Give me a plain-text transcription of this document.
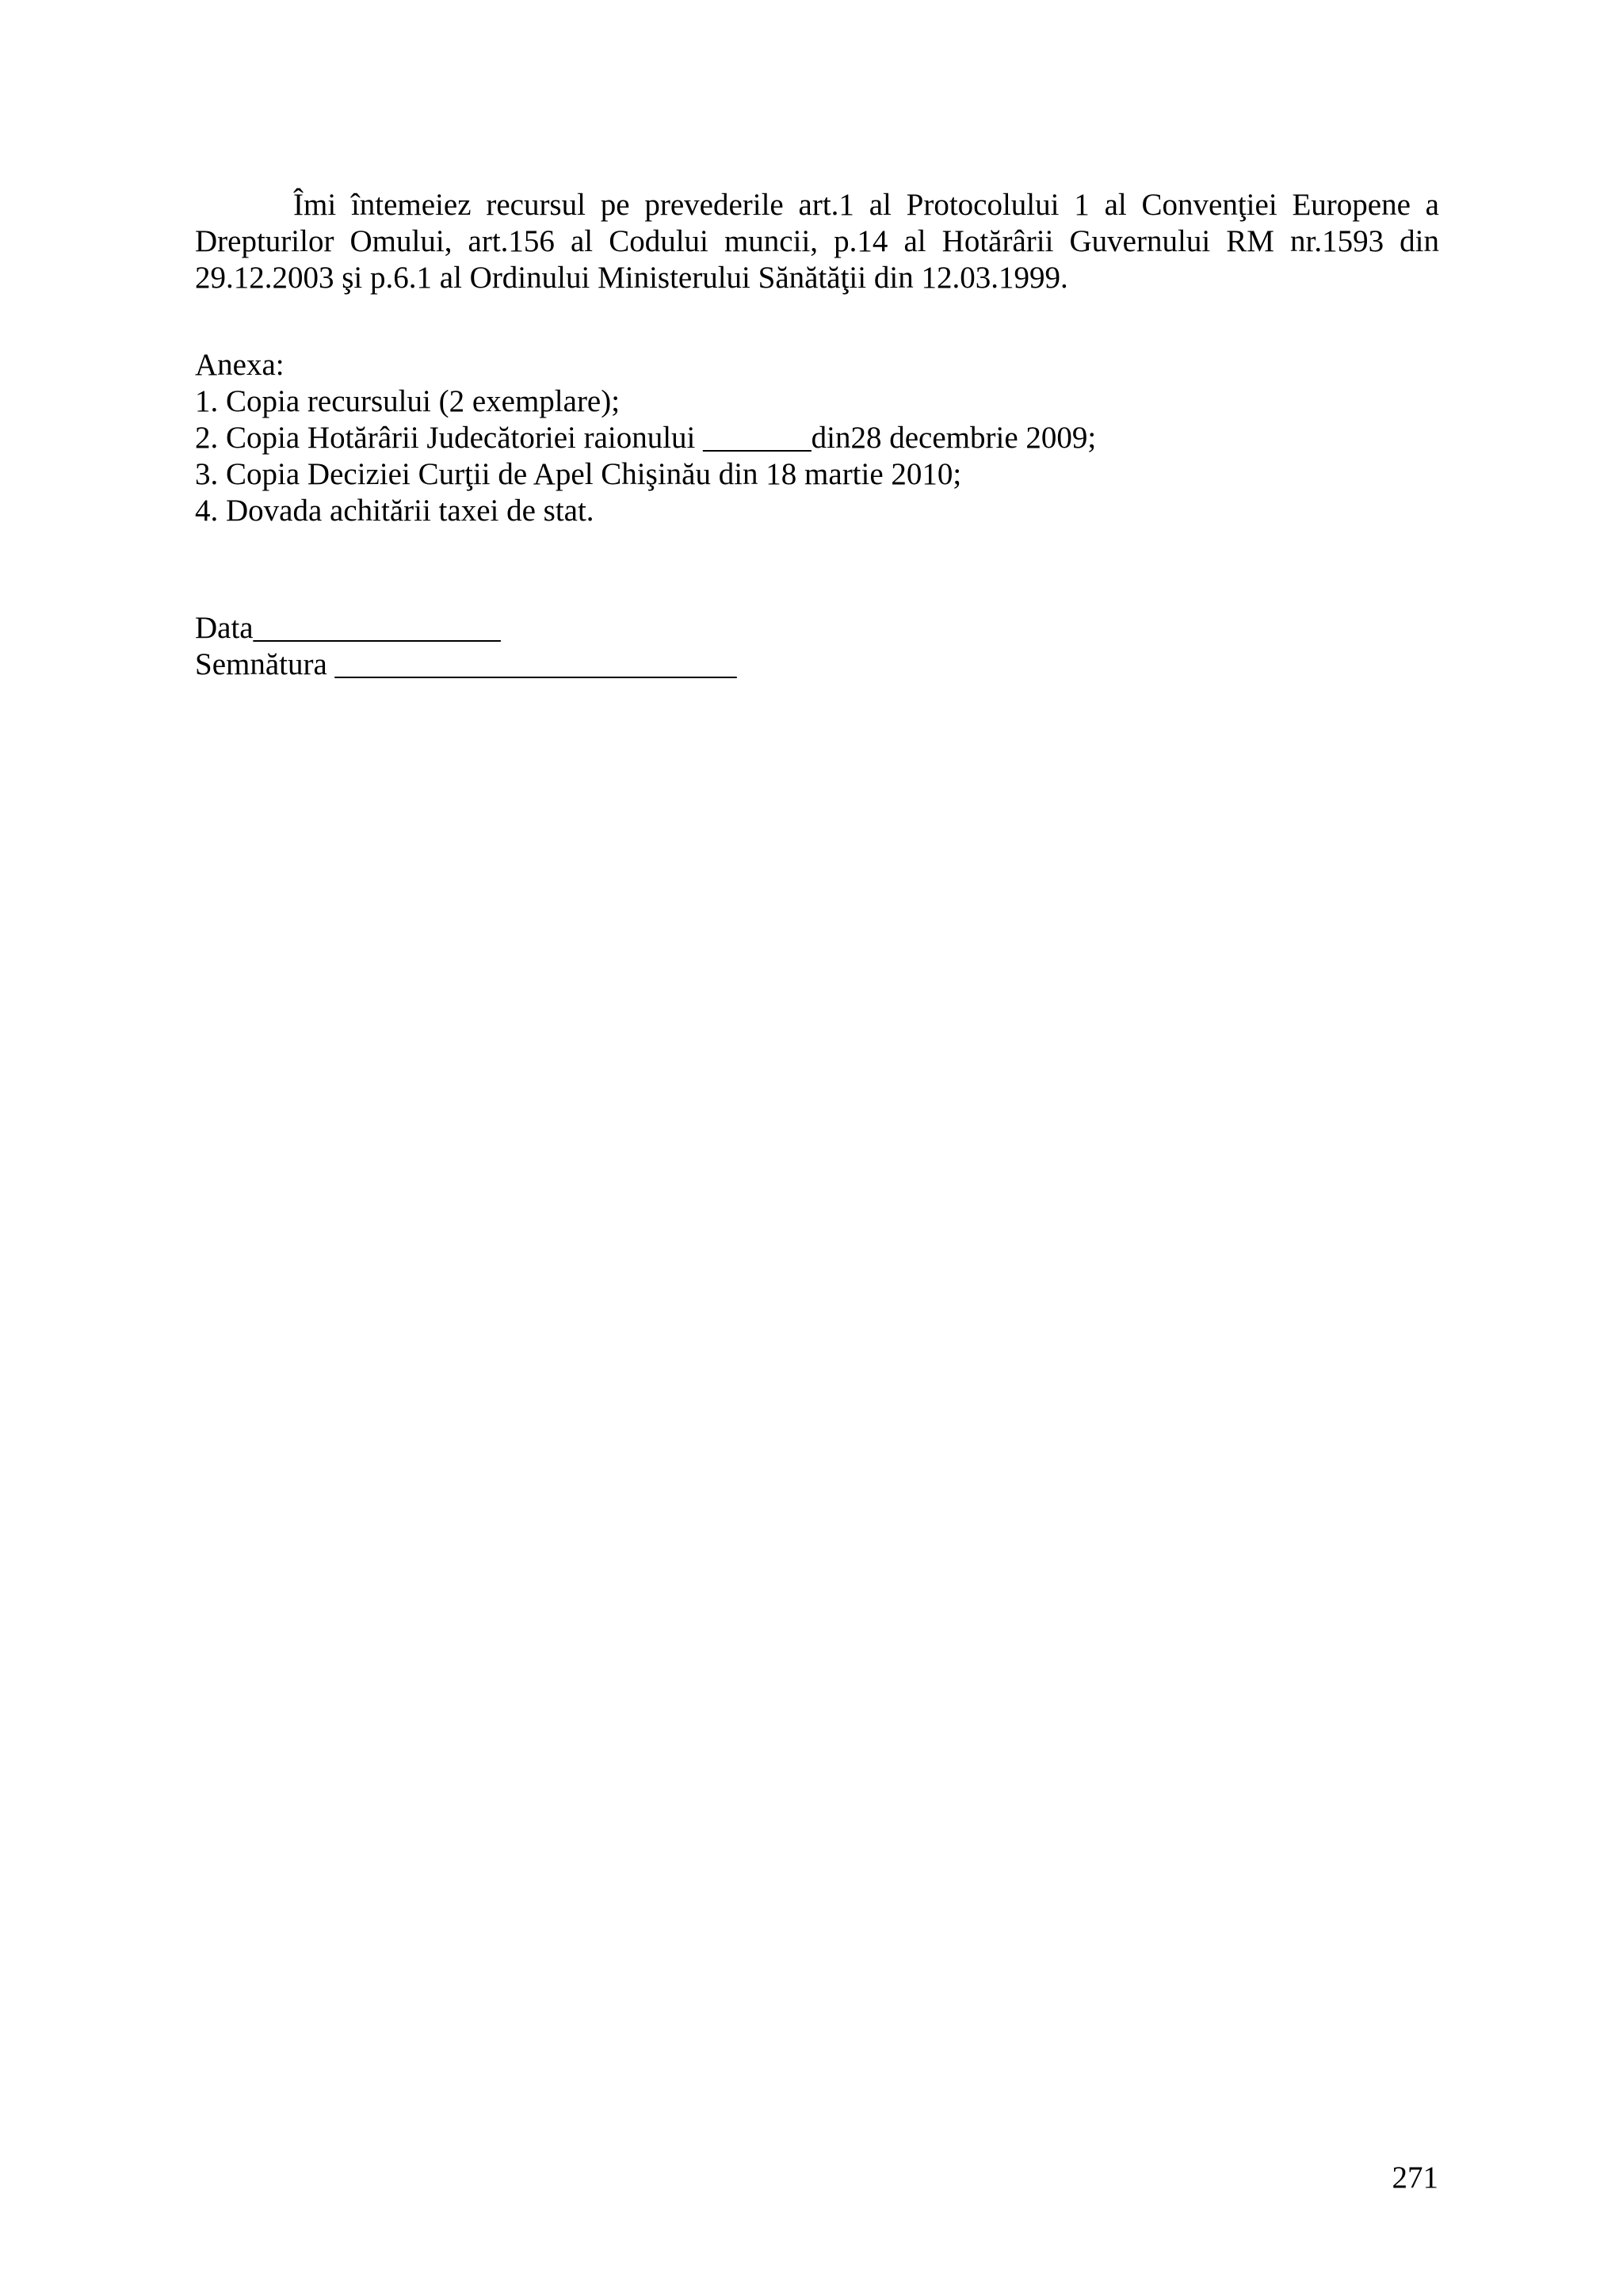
Îmi întemeiez recursul pe prevederile art.1 al Protocolului 1 al Convenţiei Europene a Drepturilor Omului, art.156 al Codului muncii, p.14 al Hotărârii Guvernului RM nr.1593 din 29.12.2003 şi p.6.1 al Ordinului Ministerului Sănătăţii din 12.03.1999.
Anexa:
1. Copia recursului (2 exemplare);
2. Copia Hotărârii Judecătoriei raionului _______din28 decembrie 2009;
3. Copia Deciziei Curţii de Apel Chişinău din 18 martie 2010;
4. Dovada achitării taxei de stat.
Data________________
Semnătura __________________________
271
